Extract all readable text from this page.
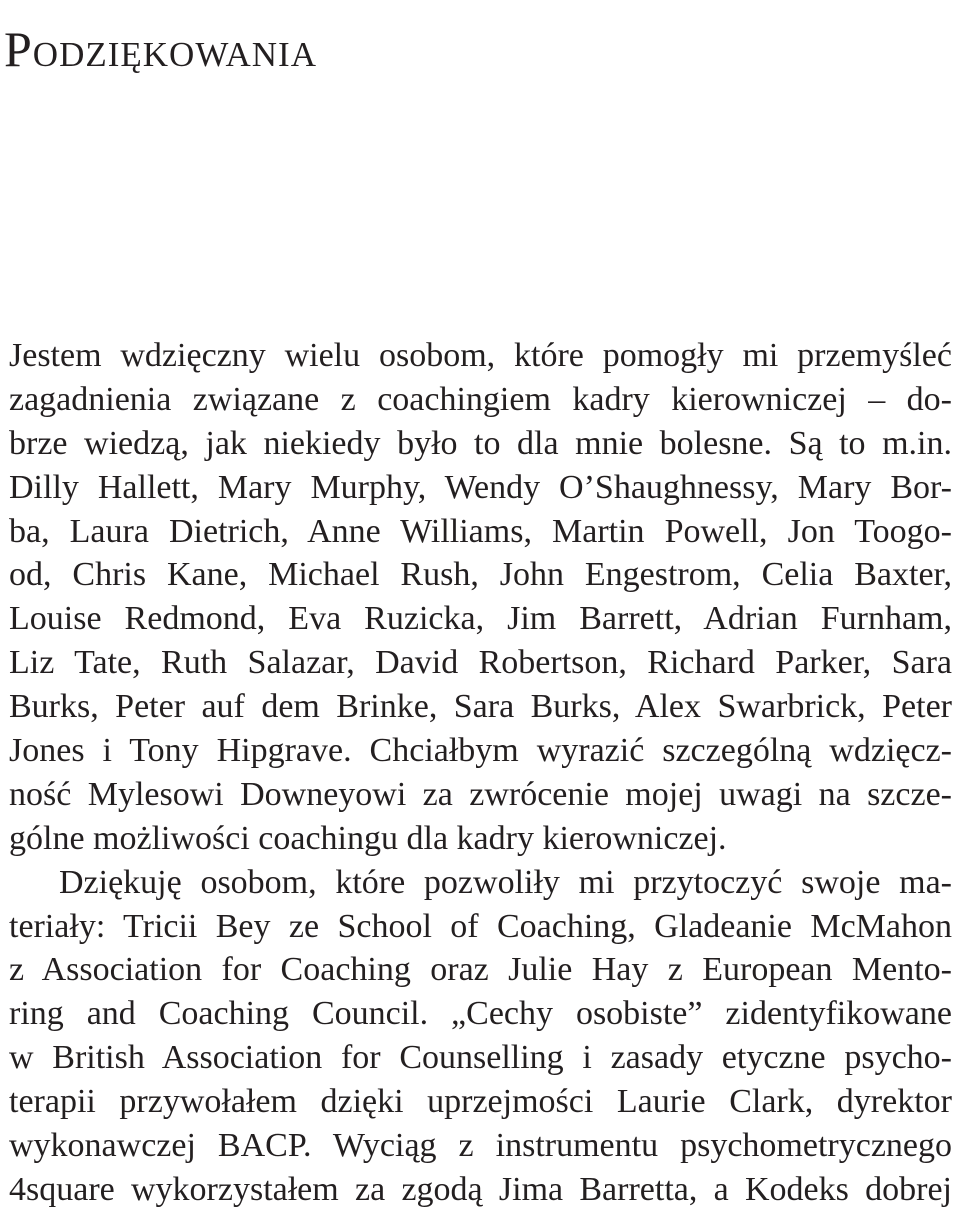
Podziękowania
Jestem wdzięczny wielu osobom, które pomogły mi przemyśleć
zagadnienia związane z coachingiem kadry kierowniczej – do-
brze wiedzą, jak niekiedy było to dla mnie bolesne. Są to m.in.
Dilly Hallett, Mary Murphy, Wendy O’Shaughnessy, Mary Bor-
ba, Laura Dietrich, Anne Williams, Martin Powell, Jon Toogo-
od, Chris Kane, Michael Rush, John Engestrom, Celia Baxter,
Louise Redmond, Eva Ruzicka, Jim Barrett, Adrian Furnham,
Liz Tate, Ruth Salazar, David Robertson, Richard Parker, Sara
Burks, Peter auf dem Brinke, Sara Burks, Alex Swarbrick, Peter
Jones i Tony Hipgrave. Chciałbym wyrazić szczególną wdzięcz-
ność Mylesowi Downeyowi za zwrócenie mojej uwagi na szcze-
gólne możliwości coachingu dla kadry kierowniczej.
Dziękuję osobom, które pozwoliły mi przytoczyć swoje ma-
teriały: Tricii Bey ze School of Coaching, Gladeanie McMahon
z Association for Coaching oraz Julie Hay z European Mento-
ring and Coaching Council. „Cechy osobiste” zidentyfikowane
w British Association for Counselling i zasady etyczne psycho-
terapii przywołałem dzięki uprzejmości Laurie Clark, dyrektor
wykonawczej BACP. Wyciąg z instrumentu psychometrycznego
4square wykorzystałem za zgodą Jima Barretta, a Kodeks dobrej
